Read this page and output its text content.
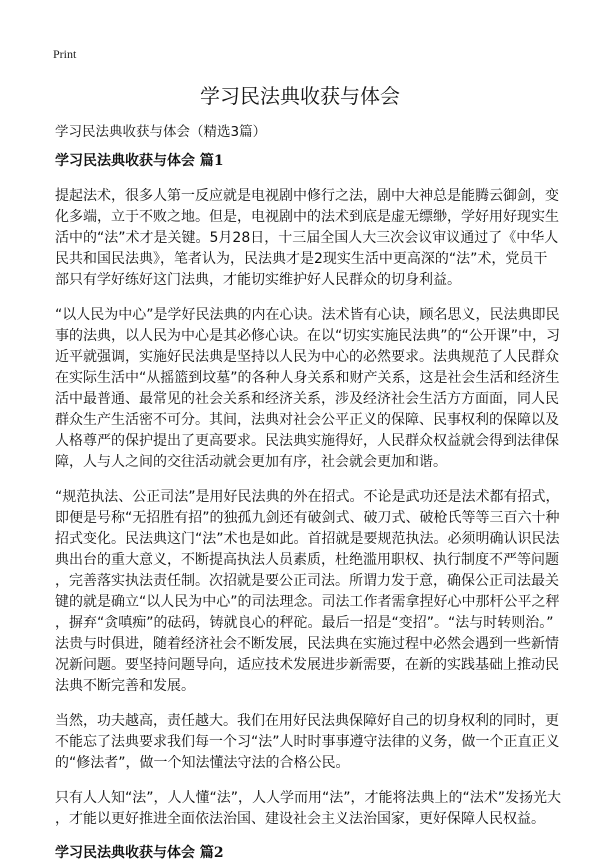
Print
学习民法典收获与体会
学习民法典收获与体会（精选3篇）
学习民法典收获与体会 篇1
提起法术，很多人第一反应就是电视剧中修行之法，剧中大神总是能腾云御剑，变
化多端，立于不败之地。但是，电视剧中的法术到底是虚无缥缈，学好用好现实生
活中的“法”术才是关键。5月28日，十三届全国人大三次会议审议通过了《中华人
民共和国民法典》，笔者认为，民法典才是2现实生活中更高深的“法”术，党员干
部只有学好练好这门法典，才能切实维护好人民群众的切身利益。
“以人民为中心”是学好民法典的内在心诀。法术皆有心诀，顾名思义，民法典即民
事的法典，以人民为中心是其必修心诀。在以“切实实施民法典”的“公开课”中，习
近平就强调，实施好民法典是坚持以人民为中心的必然要求。法典规范了人民群众
在实际生活中“从摇篮到坟墓”的各种人身关系和财产关系，这是社会生活和经济生
活中最普通、最常见的社会关系和经济关系，涉及经济社会生活方方面面，同人民
群众生产生活密不可分。其间，法典对社会公平正义的保障、民事权利的保障以及
人格尊严的保护提出了更高要求。民法典实施得好，人民群众权益就会得到法律保
障，人与人之间的交往活动就会更加有序，社会就会更加和谐。
“规范执法、公正司法”是用好民法典的外在招式。不论是武功还是法术都有招式，
即便是号称“无招胜有招”的独孤九剑还有破剑式、破刀式、破枪氏等等三百六十种
招式变化。民法典这门“法”术也是如此。首招就是要规范执法。必须明确认识民法
典出台的重大意义，不断提高执法人员素质，杜绝滥用职权、执行制度不严等问题
，完善落实执法责任制。次招就是要公正司法。所谓力发于意，确保公正司法最关
键的就是确立“以人民为中心”的司法理念。司法工作者需拿捏好心中那杆公平之秤
，摒弃“贪嗔痴”的砝码，铸就良心的秤砣。最后一招是“变招”。“法与时转则治。”
法贵与时俱进，随着经济社会不断发展，民法典在实施过程中必然会遇到一些新情
况新问题。要坚持问题导向，适应技术发展进步新需要，在新的实践基础上推动民
法典不断完善和发展。
当然，功夫越高，责任越大。我们在用好民法典保障好自己的切身权利的同时，更
不能忘了法典要求我们每一个习“法”人时时事事遵守法律的义务，做一个正直正义
的“修法者”，做一个知法懂法守法的合格公民。
只有人人知“法”，人人懂“法”，人人学而用“法”，才能将法典上的“法术”发扬光大
，才能以更好推进全面依法治国、建设社会主义法治国家，更好保障人民权益。
学习民法典收获与体会 篇2
